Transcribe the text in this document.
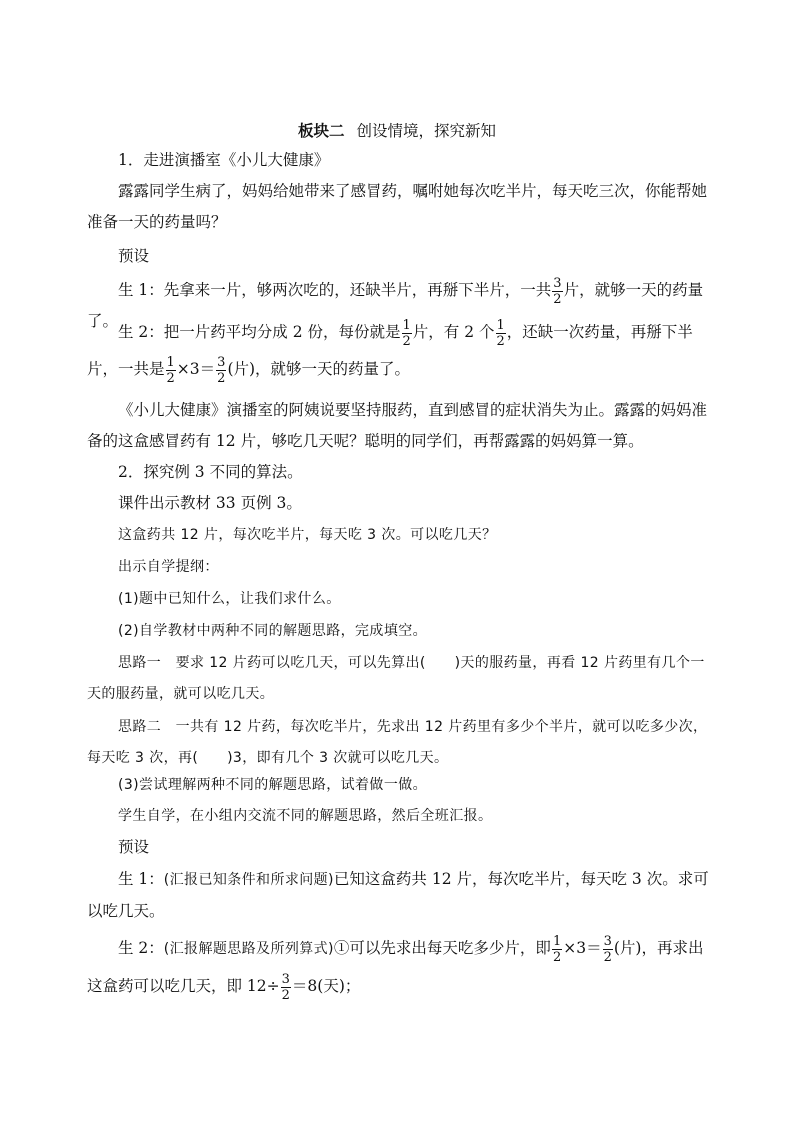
板块二 创设情境，探究新知
1．走进演播室《小儿大健康》
露露同学生病了，妈妈给她带来了感冒药，嘱咐她每次吃半片，每天吃三次，你能帮她准备一天的药量吗？
预设
生 1：先拿来一片，够两次吃的，还缺半片，再掰下半片，一共 $\frac{3}{2}$ 片，就够一天的药量了。
生 2：把一片药平均分成 2 份，每份就是 $\frac{1}{2}$ 片，有 2 个 $\frac{1}{2}$ ，还缺一次药量，再掰下半片，一共是 $\frac{1}{2} \times 3= \frac{3}{2}$ (片)，就够一天的药量了。
《小儿大健康》演播室的阿姨说要坚持服药，直到感冒的症状消失为止。露露的妈妈准备的这盒感冒药有 12 片，够吃几天呢？聪明的同学们，再帮露露的妈妈算一算。
2．探究例 3 不同的算法。
课件出示教材 33 页例 3。
这盒药共 12 片，每次吃半片，每天吃 3 次。可以吃几天？
出示自学提纲：
(1)题中已知什么，让我们求什么。
(2)自学教材中两种不同的解题思路，完成填空。
思路一　要求 12 片药可以吃几天，可以先算出(　　)天的服药量，再看 12 片药里有几个一天的服药量，就可以吃几天。
思路二　一共有 12 片药，每次吃半片，先求出 12 片药里有多少个半片，就可以吃多少次，每天吃 3 次，再(　　)3，即有几个 3 次就可以吃几天。
(3)尝试理解两种不同的解题思路，试着做一做。
学生自学，在小组内交流不同的解题思路，然后全班汇报。
预设
生 1：(汇报已知条件和所求问题)已知这盒药共 12 片，每次吃半片，每天吃 3 次。求可以吃几天。
生 2：(汇报解题思路及所列算式)①可以先求出每天吃多少片，即 $\frac{1}{2} \times 3= \frac{3}{2}$ (片)，再求出这盒药可以吃几天，即 $12\div \frac{3}{2} =8$(天)；
